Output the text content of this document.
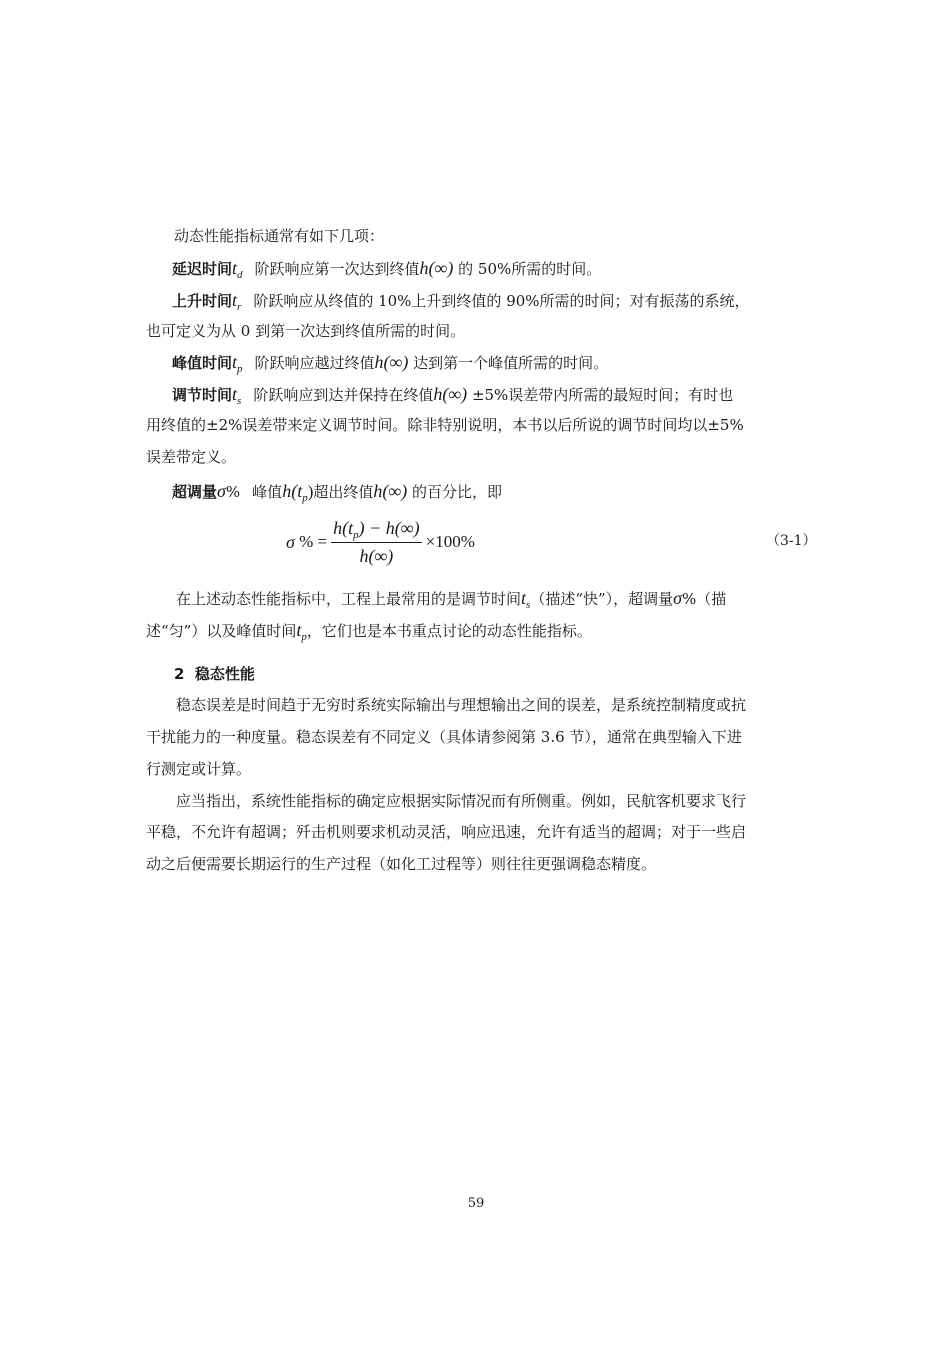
动态性能指标通常有如下几项：
延迟时间$t_d$ 阶跃响应第一次达到终值h(∞) 的 50%所需的时间。
上升时间$t_r$ 阶跃响应从终值的 10%上升到终值的 90%所需的时间；对有振荡的系统，
也可定义为从 0 到第一次达到终值所需的时间。
峰值时间$t_p$ 阶跃响应越过终值h(∞) 达到第一个峰值所需的时间。
调节时间$t_s$ 阶跃响应到达并保持在终值h(∞) ±5%误差带内所需的最短时间；有时也
用终值的±2%误差带来定义调节时间。除非特别说明，本书以后所说的调节时间均以±5%
误差带定义。
超调量σ% 峰值$h(t_p)$超出终值h(∞) 的百分比，即
σ
% = $\frac{h(t_p) - h(\infty)}{h(\infty)} \times 100\%$	（3-1）
在上述动态性能指标中，工程上最常用的是调节时间$t_s$（描述“快”），超调量σ%（描
述“匀”）以及峰值时间$t_p$，它们也是本书重点讨论的动态性能指标。
2  稳态性能
稳态误差是时间趋于无穷时系统实际输出与理想输出之间的误差，是系统控制精度或抗
干扰能力的一种度量。稳态误差有不同定义（具体请参阅第 3.6 节），通常在典型输入下进
行测定或计算。
应当指出，系统性能指标的确定应根据实际情况而有所侧重。例如，民航客机要求飞行
平稳，不允许有超调；歼击机则要求机动灵活，响应迅速，允许有适当的超调；对于一些启
动之后便需要长期运行的生产过程（如化工过程等）则往往更强调稳态精度。
59
